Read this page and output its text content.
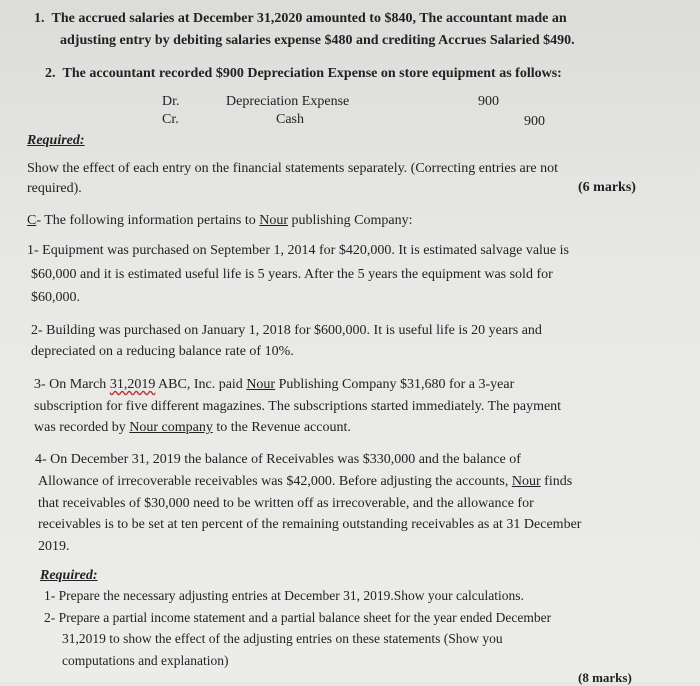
1. The accrued salaries at December 31,2020 amounted to $840, The accountant made an
adjusting entry by debiting salaries expense $480 and crediting Accrues Salaried $490.
2. The accountant recorded $900 Depreciation Expense on store equipment as follows:
Dr.	Depreciation Expense	900
Cr.	Cash	900
Required:
Show the effect of each entry on the financial statements separately. (Correcting entries are not
required).	(6 marks)
C- The following information pertains to Nour publishing Company:
1- Equipment was purchased on September 1, 2014 for $420,000. It is estimated salvage value is
$60,000 and it is estimated useful life is 5 years. After the 5 years the equipment was sold for
$60,000.
2- Building was purchased on January 1, 2018 for $600,000. It is useful life is 20 years and
depreciated on a reducing balance rate of 10%.
3- On March 31,2019 ABC, Inc. paid Nour Publishing Company $31,680 for a 3-year
subscription for five different magazines. The subscriptions started immediately. The payment
was recorded by Nour company to the Revenue account.
4- On December 31, 2019 the balance of Receivables was $330,000 and the balance of
Allowance of irrecoverable receivables was $42,000. Before adjusting the accounts, Nour finds
that receivables of $30,000 need to be written off as irrecoverable, and the allowance for
receivables is to be set at ten percent of the remaining outstanding receivables as at 31 December
2019.
Required:
1- Prepare the necessary adjusting entries at December 31, 2019.Show your calculations.
2- Prepare a partial income statement and a partial balance sheet for the year ended December
31,2019 to show the effect of the adjusting entries on these statements (Show you
computations and explanation)
(8 marks)
